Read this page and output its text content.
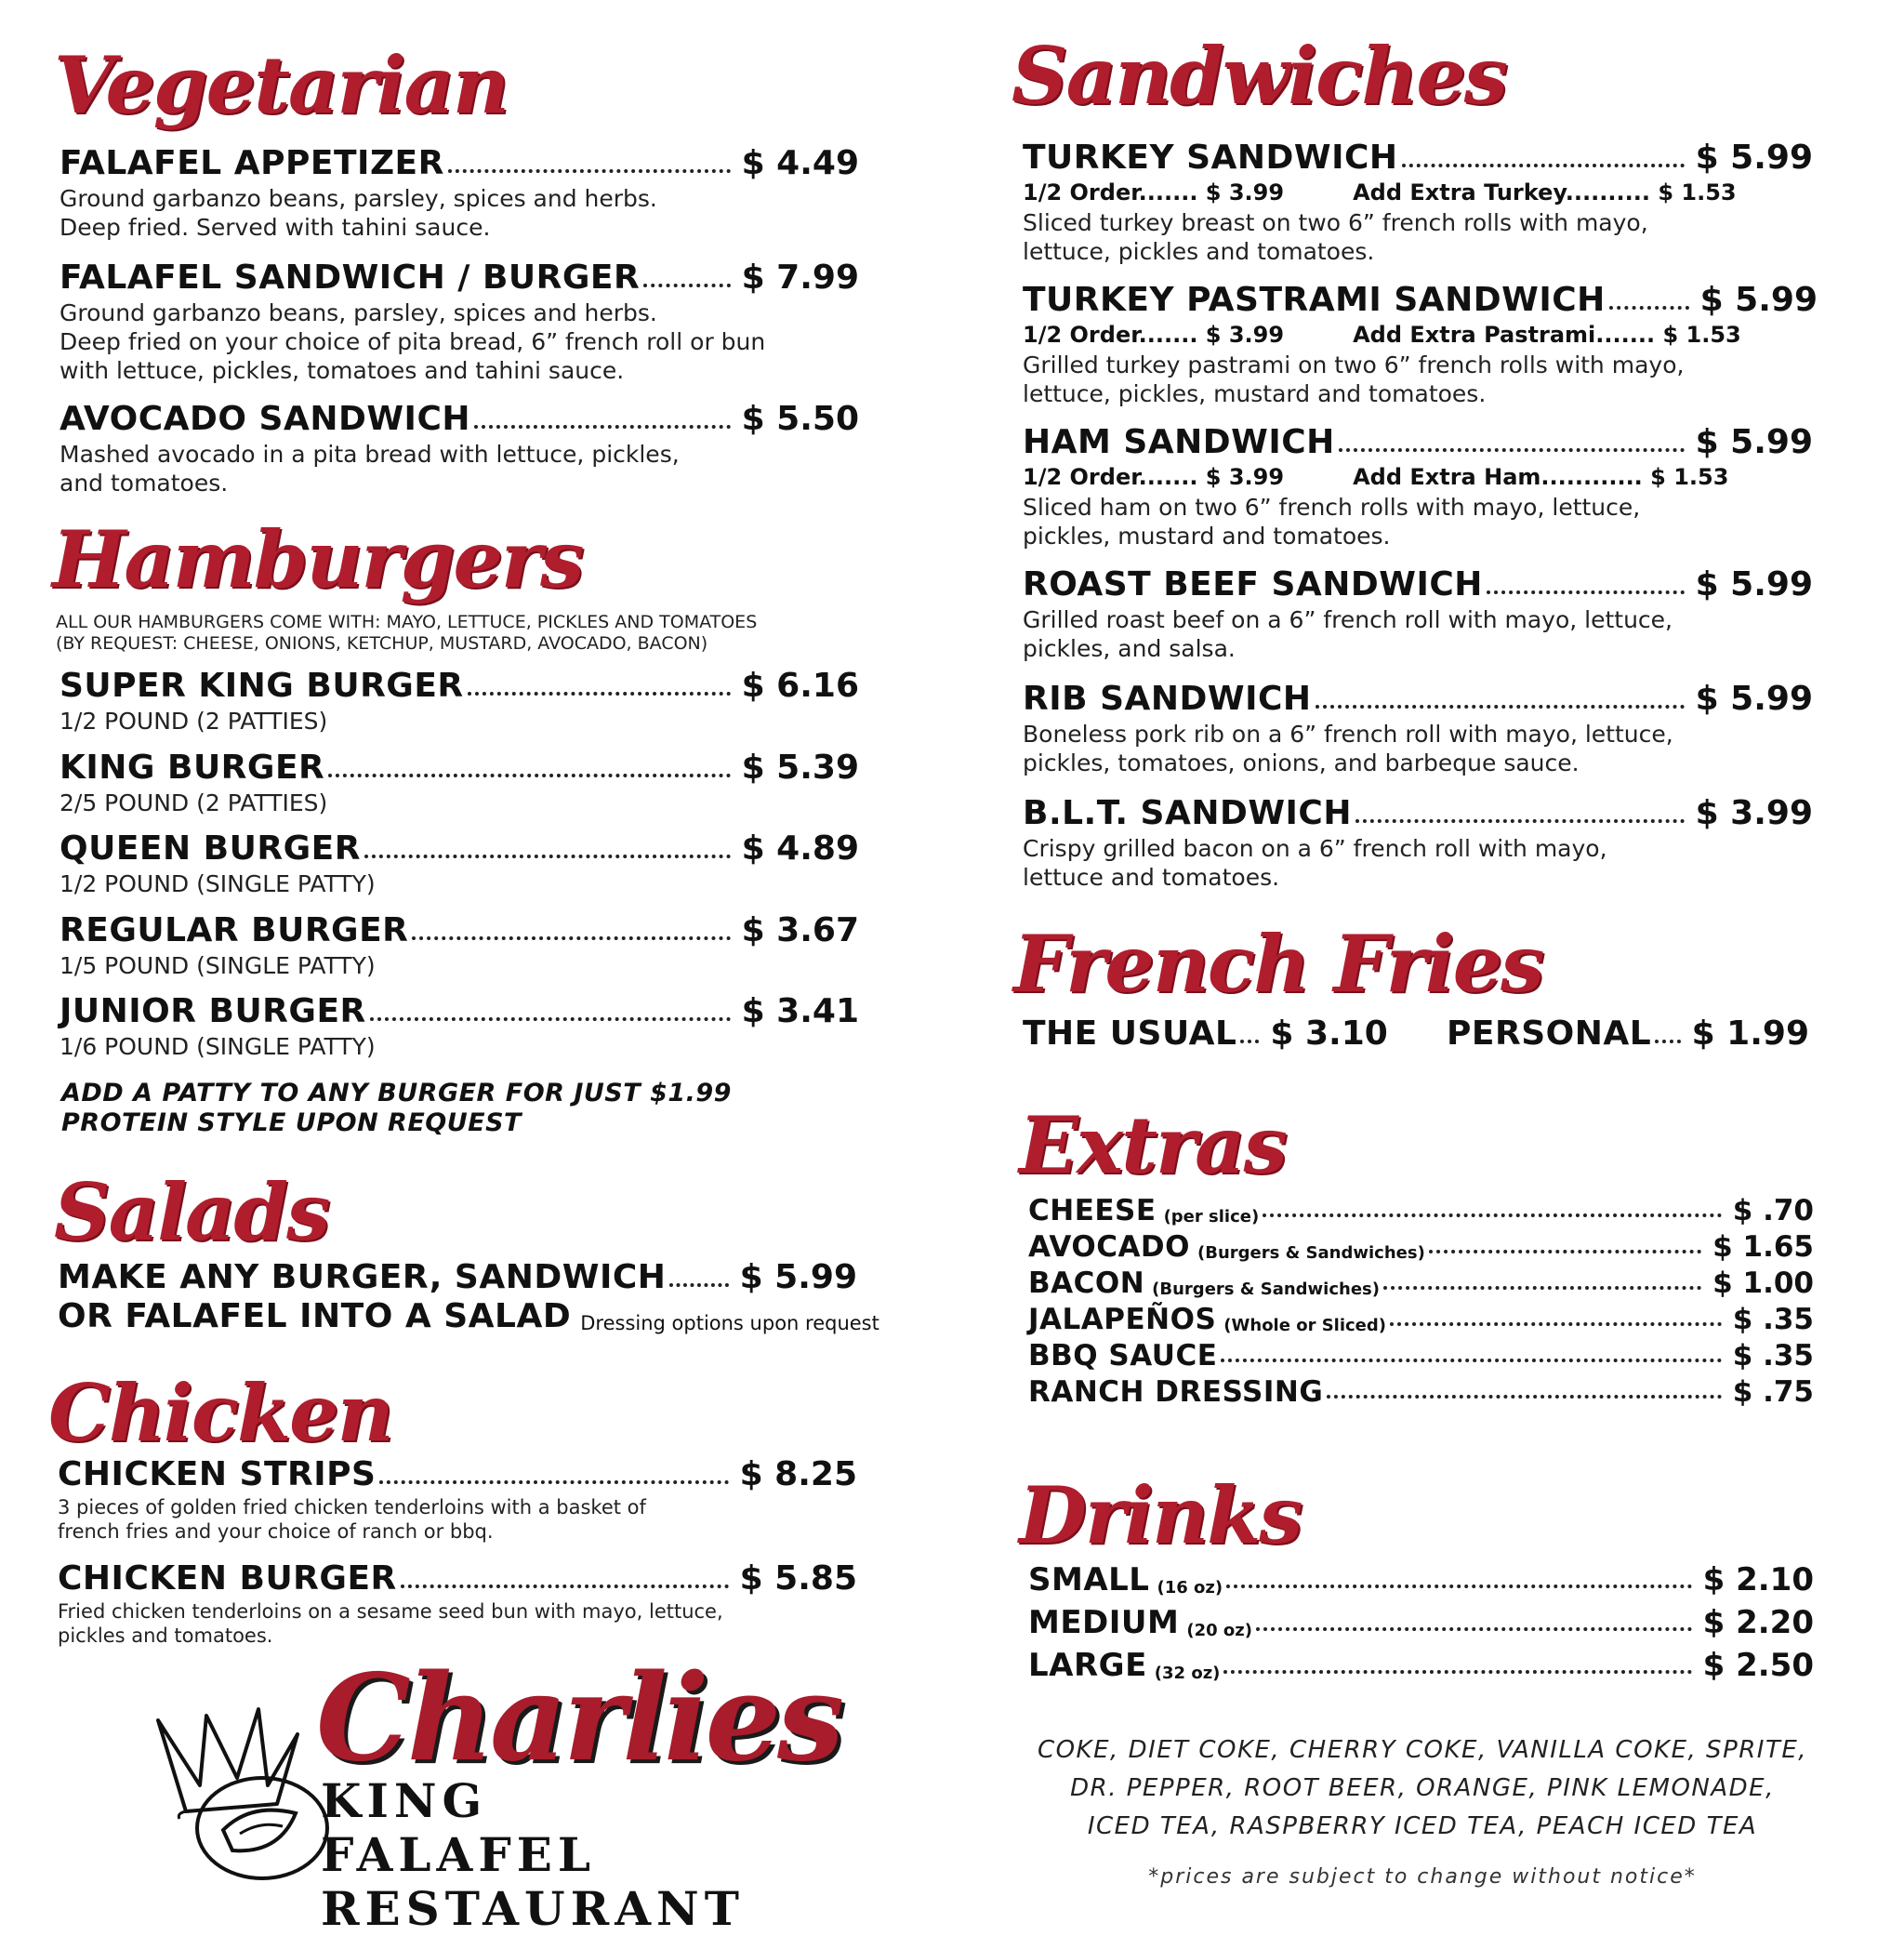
Vegetarian
FALAFEL APPETIZER	$ 4.49
Ground garbanzo beans, parsley, spices and herbs.
Deep fried. Served with tahini sauce.
FALAFEL SANDWICH / BURGER	$ 7.99
Ground garbanzo beans, parsley, spices and herbs.
Deep fried on your choice of pita bread, 6” french roll or bun
with lettuce, pickles, tomatoes and tahini sauce.
AVOCADO SANDWICH	$ 5.50
Mashed avocado in a pita bread with lettuce, pickles,
and tomatoes.
Hamburgers
ALL OUR HAMBURGERS COME WITH: MAYO, LETTUCE, PICKLES AND TOMATOES
(BY REQUEST: CHEESE, ONIONS, KETCHUP, MUSTARD, AVOCADO, BACON)
SUPER KING BURGER	$ 6.16
1/2 POUND (2 PATTIES)
KING BURGER	$ 5.39
2/5 POUND (2 PATTIES)
QUEEN BURGER	$ 4.89
1/2 POUND (SINGLE PATTY)
REGULAR BURGER	$ 3.67
1/5 POUND (SINGLE PATTY)
JUNIOR BURGER	$ 3.41
1/6 POUND (SINGLE PATTY)
ADD A PATTY TO ANY BURGER FOR JUST $1.99
PROTEIN STYLE UPON REQUEST
Salads
MAKE ANY BURGER, SANDWICH $ 5.99
OR FALAFEL INTO A SALAD Dressing options upon request
Chicken
CHICKEN STRIPS	$ 8.25
3 pieces of golden fried chicken tenderloins with a basket of
french fries and your choice of ranch or bbq.
CHICKEN BURGER	$ 5.85
Fried chicken tenderloins on a sesame seed bun with mayo, lettuce,
pickles and tomatoes.
Charlies
KING FALAFEL
RESTAURANT
Sandwiches
TURKEY SANDWICH	$ 5.99
1/2 Order....... $ 3.99	Add Extra Turkey.......... $ 1.53
Sliced turkey breast on two 6” french rolls with mayo,
lettuce, pickles and tomatoes.
TURKEY PASTRAMI SANDWICH	$ 5.99
1/2 Order....... $ 3.99	Add Extra Pastrami....... $ 1.53
Grilled turkey pastrami on two 6” french rolls with mayo,
lettuce, pickles, mustard and tomatoes.
HAM SANDWICH	$ 5.99
1/2 Order....... $ 3.99	Add Extra Ham............ $ 1.53
Sliced ham on two 6” french rolls with mayo, lettuce,
pickles, mustard and tomatoes.
ROAST BEEF SANDWICH	$ 5.99
Grilled roast beef on a 6” french roll with mayo, lettuce,
pickles, and salsa.
RIB SANDWICH	$ 5.99
Boneless pork rib on a 6” french roll with mayo, lettuce,
pickles, tomatoes, onions, and barbeque sauce.
B.L.T. SANDWICH	$ 3.99
Crispy grilled bacon on a 6” french roll with mayo,
lettuce and tomatoes.
French Fries
THE USUAL $ 3.10 PERSONAL $ 1.99
Extras
CHEESE (per slice)	$ .70
AVOCADO (Burgers & Sandwiches)	$ 1.65
BACON (Burgers & Sandwiches)	$ 1.00
JALAPEÑOS (Whole or Sliced)	$ .35
BBQ SAUCE	$ .35
RANCH DRESSING	$ .75
Drinks
SMALL (16 oz)	$ 2.10
MEDIUM (20 oz)	$ 2.20
LARGE (32 oz)	$ 2.50
COKE, DIET COKE, CHERRY COKE, VANILLA COKE, SPRITE,
DR. PEPPER, ROOT BEER, ORANGE, PINK LEMONADE,
ICED TEA, RASPBERRY ICED TEA, PEACH ICED TEA
*prices are subject to change without notice*
